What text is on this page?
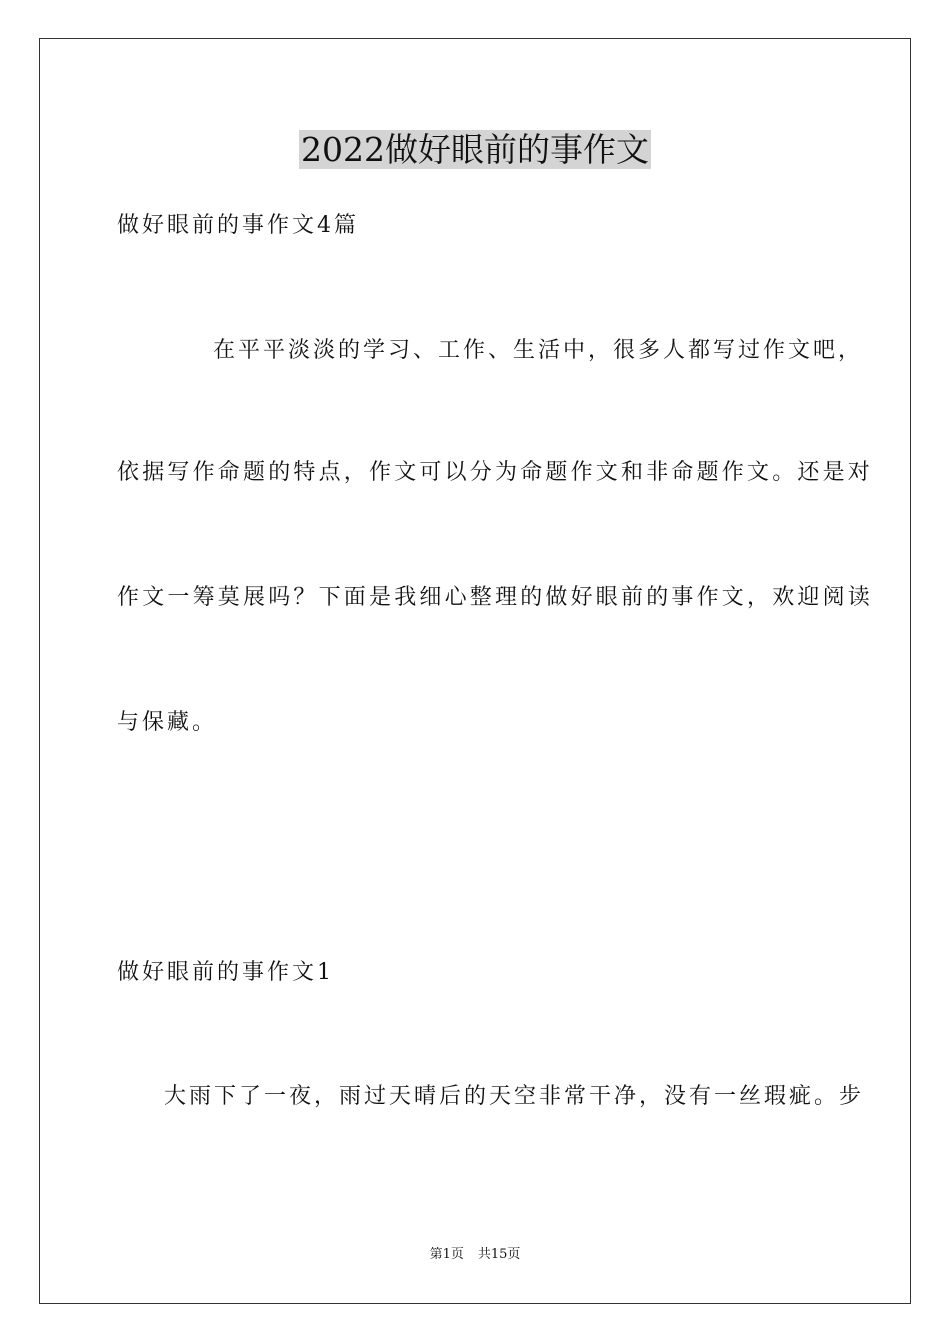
2022做好眼前的事作文
做好眼前的事作文4篇
在平平淡淡的学习、工作、生活中，很多人都写过作文吧，
依据写作命题的特点，作文可以分为命题作文和非命题作文。还是对
作文一筹莫展吗？下面是我细心整理的做好眼前的事作文，欢迎阅读
与保藏。
做好眼前的事作文1
大雨下了一夜，雨过天晴后的天空非常干净，没有一丝瑕疵。步
第1页 共15页
